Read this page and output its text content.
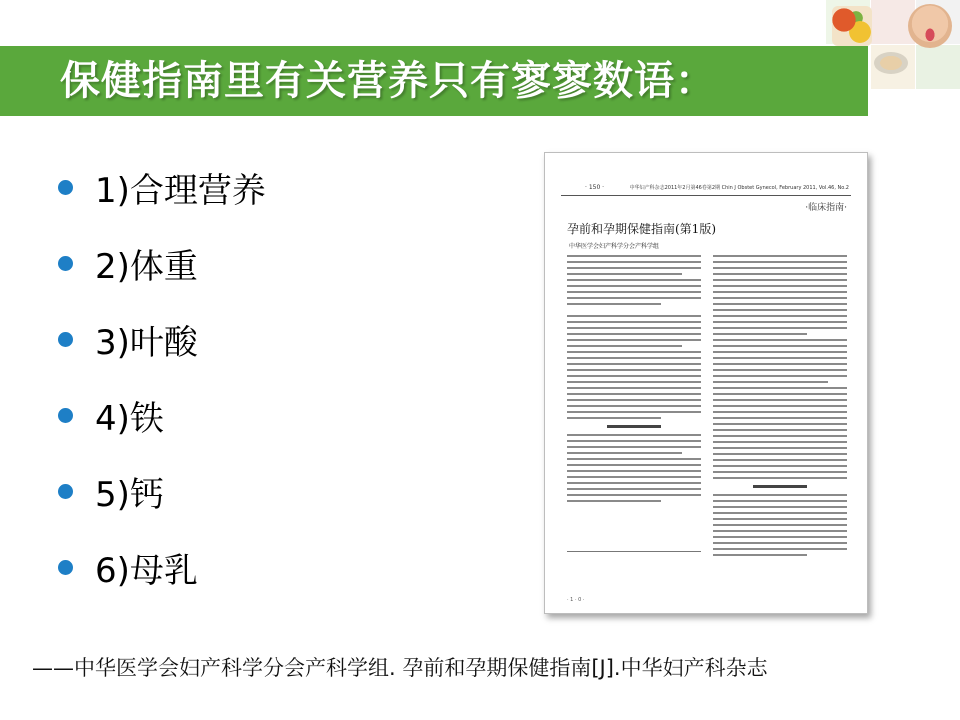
保健指南里有关营养只有寥寥数语：
1)合理营养
2)体重
3)叶酸
4)铁
5)钙
6)母乳
· 150 ·	中华妇产科杂志2011年2月第46卷第2期 Chin J Obstet Gynecol, February 2011, Vol.46, No.2
·临床指南·
孕前和孕期保健指南(第1版)
中华医学会妇产科学分会产科学组
· 1 · 0 ·
——中华医学会妇产科学分会产科学组. 孕前和孕期保健指南[J].中华妇产科杂志
